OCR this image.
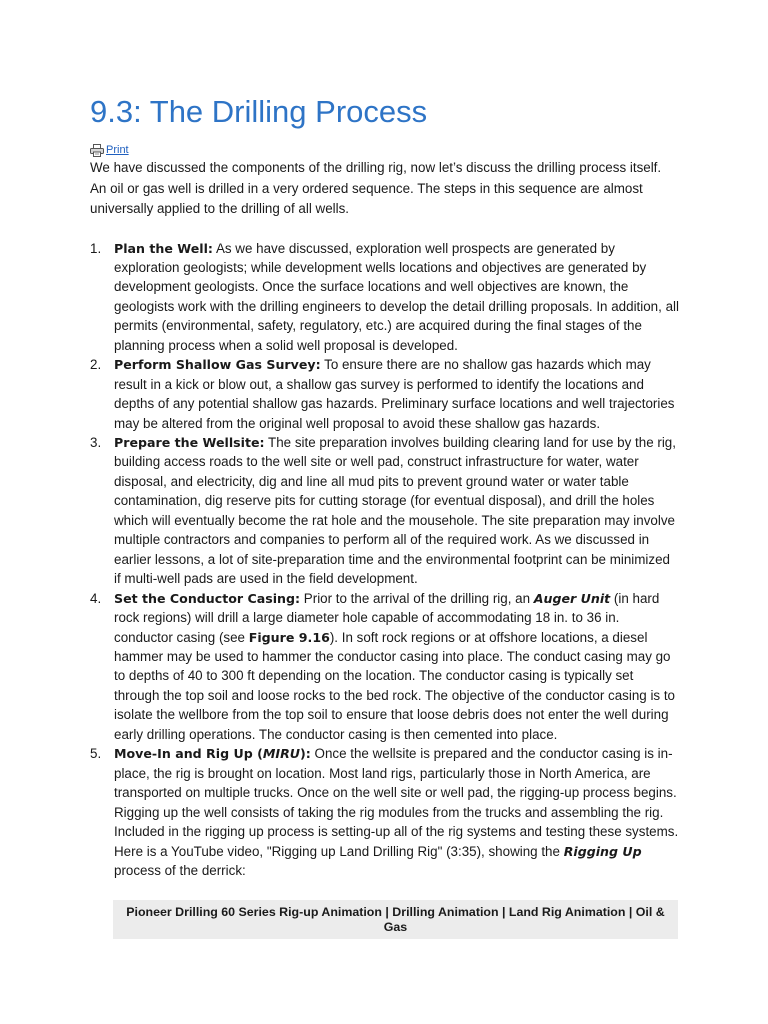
9.3: The Drilling Process
Print

We have discussed the components of the drilling rig, now let’s discuss the drilling process itself. An oil or gas well is drilled in a very ordered sequence. The steps in this sequence are almost universally applied to the drilling of all wells.

1. Plan the Well: As we have discussed, exploration well prospects are generated by exploration geologists; while development wells locations and objectives are generated by development geologists. Once the surface locations and well objectives are known, the geologists work with the drilling engineers to develop the detail drilling proposals. In addition, all permits (environmental, safety, regulatory, etc.) are acquired during the final stages of the planning process when a solid well proposal is developed.
2. Perform Shallow Gas Survey: To ensure there are no shallow gas hazards which may result in a kick or blow out, a shallow gas survey is performed to identify the locations and depths of any potential shallow gas hazards. Preliminary surface locations and well trajectories may be altered from the original well proposal to avoid these shallow gas hazards.
3. Prepare the Wellsite: The site preparation involves building clearing land for use by the rig, building access roads to the well site or well pad, construct infrastructure for water, water disposal, and electricity, dig and line all mud pits to prevent ground water or water table contamination, dig reserve pits for cutting storage (for eventual disposal), and drill the holes which will eventually become the rat hole and the mousehole. The site preparation may involve multiple contractors and companies to perform all of the required work. As we discussed in earlier lessons, a lot of site-preparation time and the environmental footprint can be minimized if multi-well pads are used in the field development.
4. Set the Conductor Casing: Prior to the arrival of the drilling rig, an Auger Unit (in hard rock regions) will drill a large diameter hole capable of accommodating 18 in. to 36 in. conductor casing (see Figure 9.16). In soft rock regions or at offshore locations, a diesel hammer may be used to hammer the conductor casing into place. The conduct casing may go to depths of 40 to 300 ft depending on the location. The conductor casing is typically set through the top soil and loose rocks to the bed rock. The objective of the conductor casing is to isolate the wellbore from the top soil to ensure that loose debris does not enter the well during early drilling operations. The conductor casing is then cemented into place.
5. Move-In and Rig Up (MIRU): Once the wellsite is prepared and the conductor casing is in-place, the rig is brought on location. Most land rigs, particularly those in North America, are transported on multiple trucks. Once on the well site or well pad, the rigging-up process begins. Rigging up the well consists of taking the rig modules from the trucks and assembling the rig. Included in the rigging up process is setting-up all of the rig systems and testing these systems. Here is a YouTube video, "Rigging up Land Drilling Rig" (3:35), showing the Rigging Up process of the derrick:
Pioneer Drilling 60 Series Rig-up Animation | Drilling Animation | Land Rig Animation | Oil & Gas
